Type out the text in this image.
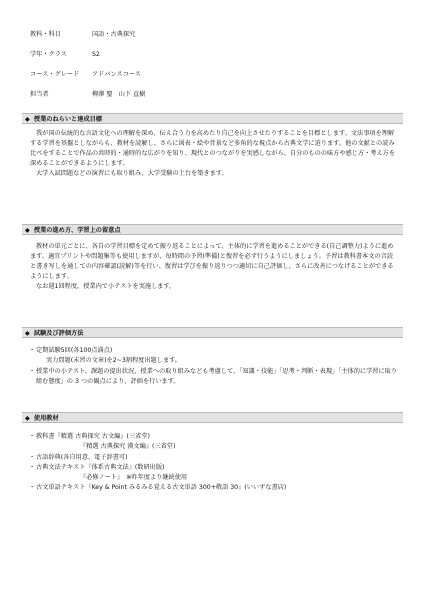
教科・科目	国語・古典探究
学年・クラス	S2
コース・グレード	アドバンスコース
担当者	柳澤 聖　山下 直樹
◆ 授業のねらいと達成目標

我が国の伝統的な言語文化への理解を深め、伝え合う力を高めたり自己を向上させたりすることを目標とします。文法事項を理解する学習を基盤としながらも、教材を読解し、さらに図表・絵や背景など多角的な視点から古典文学に迫ります。他の文献との読み比べをすることで作品の共時的・通時的な広がりを知り、現代とのつながりを実感しながら、自分のものの味方や感じ方・考え方を深めることができるようにします。

大学入試問題などの演習にも取り組み、大学受験の土台を築きます。

◆ 授業の進め方、学習上の留意点

教材の単元ごとに、各自の学習目標を定めて振り返ることによって、主体的に学習を進めることができる(自己調整力)ように進めます。適宜プリントや問題集等も使用しますが、毎時間の予習(準備)と復習を必ず行うようにしましょう。予習は教科書本文の音読と書き写しを通しての内容確認(読解)等を行い、復習は学びを振り返りつつ適切に自己評価し、さらに改善につなげることができるようにします。

なお週1回程度、授業内で小テストを実施します。

◆ 試験及び評価方法
・ 定期試験5回(各100点満点)
実力問題(未習の文章)を2~3割程度出題します。
・ 授業中の小テスト、課題の提出状況、授業への取り組みなども考慮して、「知識・技能」「思考・判断・表現」「主体的に学習に取り組む態度」の 3 つの観点により、評価を行います。
◆ 使用教材
・ 教科書『精選 古典探究 古文編』(三省堂)
『精選 古典探究 漢文編』(三省堂)
・ 古語辞典(各自用意、電子辞書可)
・ 古典文法テキスト『体系古典文法』(数研出版)
『必修ノート』　※昨年度より継続使用
・ 古文単語テキスト『Key & Point みるみる覚える古文単語 300+敬語 30』(いいずな書店)
